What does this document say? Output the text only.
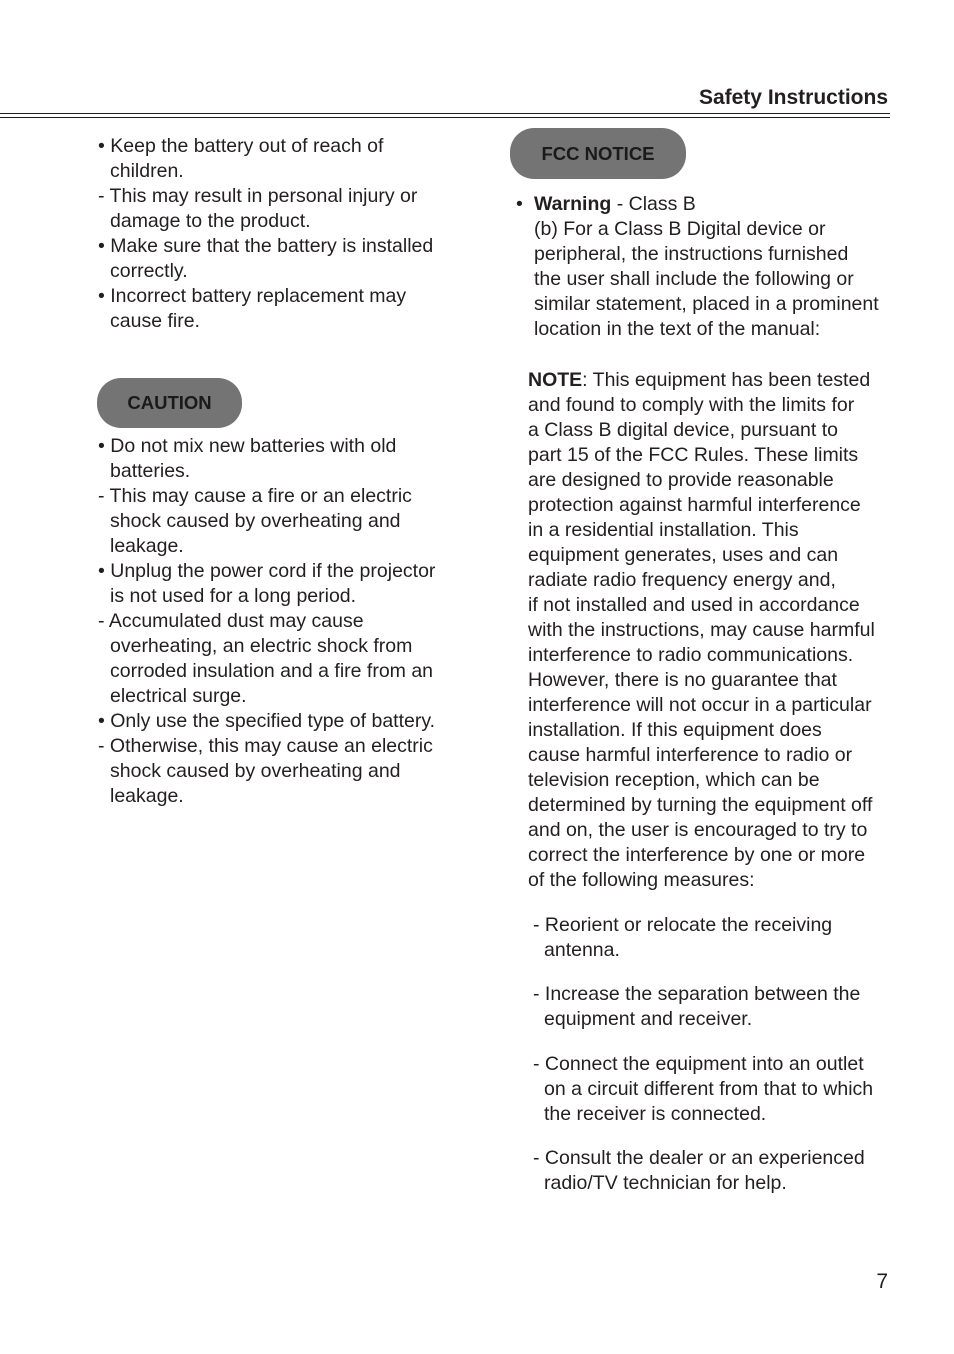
Safety Instructions

• Keep the battery out of reach of
children.

- This may result in personal injury or
damage to the product.

• Make sure that the battery is installed
correctly.

• Incorrect battery replacement may
cause fire.

CAUTION

• Do not mix new batteries with old
batteries.

- This may cause a fire or an electric
shock caused by overheating and
leakage.

• Unplug the power cord if the projector
is not used for a long period.

- Accumulated dust may cause
overheating, an electric shock from
corroded insulation and a fire from an
electrical surge.

• Only use the specified type of battery.

- Otherwise, this may cause an electric
shock caused by overheating and
leakage.

FCC NOTICE
• Warning - Class B
(b) For a Class B Digital device or
peripheral, the instructions furnished
the user shall include the following or
similar statement, placed in a prominent
location in the text of the manual:
NOTE: This equipment has been tested
and found to comply with the limits for
a Class B digital device, pursuant to
part 15 of the FCC Rules. These limits
are designed to provide reasonable
protection against harmful interference
in a residential installation. This
equipment generates, uses and can
radiate radio frequency energy and,
if not installed and used in accordance
with the instructions, may cause harmful
interference to radio communications.
However, there is no guarantee that
interference will not occur in a particular
installation. If this equipment does
cause harmful interference to radio or
television reception, which can be
determined by turning the equipment off
and on, the user is encouraged to try to
correct the interference by one or more
of the following measures:

- Reorient or relocate the receiving
antenna.

- Increase the separation between the
equipment and receiver.

- Connect the equipment into an outlet
on a circuit different from that to which
the receiver is connected.

- Consult the dealer or an experienced
radio/TV technician for help.

7
